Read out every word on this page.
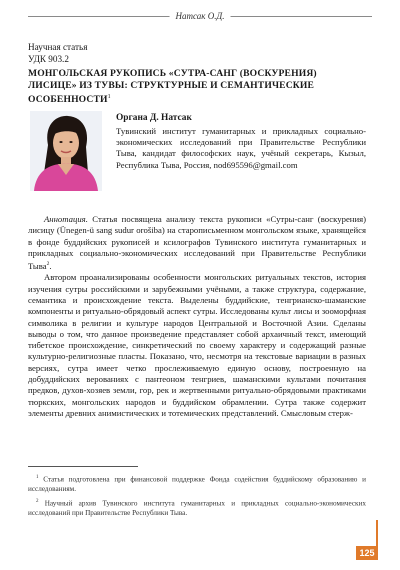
Натсак О.Д.
Научная статья
УДК 903.2
МОНГОЛЬСКАЯ РУКОПИСЬ «СУТРА-САНГ (ВОСКУРЕНИЯ) ЛИСИЦЕ» ИЗ ТУВЫ: СТРУКТУРНЫЕ И СЕМАНТИЧЕСКИЕ ОСОБЕННОСТИ$^1$
Органа Д. Натсак
Тувинский институт гуманитарных и прикладных социально-экономических исследований при Правительстве Республики Тыва, кандидат философских наук, учёный секретарь, Кызыл, Республика Тыва, Россия, nod695596@gmail.com

Аннотация. Статья посвящена анализу текста рукописи «Сутры-санг (воскурения) лисицу (Ünegen-ü sang sudur orošiba) на старописьменном монгольском языке, хранящейся в фонде буддийских рукописей и ксилографов Тувинского института гуманитарных и прикладных социально-экономических исследований при Правительстве Республики Тыва$^2$.

Автором проанализированы особенности монгольских ритуальных текстов, история изучения сутры российскими и зарубежными учёными, а также структура, содержание, семантика и происхождение текста. Выделены буддийские, тенгрианско-шаманские компоненты и ритуально-обрядовый аспект сутры. Исследованы культ лисы и зооморфная символика в религии и культуре народов Центральной и Восточной Азии. Сделаны выводы о том, что данное произведение представляет собой архаичный текст, имеющий тибетское происхождение, синкретический по своему характеру и содержащий разные культурно-религиозные пласты. Показано, что, несмотря на текстовые вариации в разных версиях, сутра имеет четко прослеживаемую единую основу, построенную на добуддийских верованиях с пантеоном тенгриев, шаманскими культами почитания предков, духов-хозяев земли, гор, рек и жертвенными ритуально-обрядовыми практиками тюркских, монгольских народов и буддийском обрамлении. Сутра также содержит элементы древних анимистических и тотемических представлений. Смысловым стерж-

$^1$ Статья подготовлена при финансовой поддержке Фонда содействия буддийскому образованию и исследованиям.

$^2$ Научный архив Тувинского института гуманитарных и прикладных социально-экономических исследований при Правительстве Республики Тыва.

125
